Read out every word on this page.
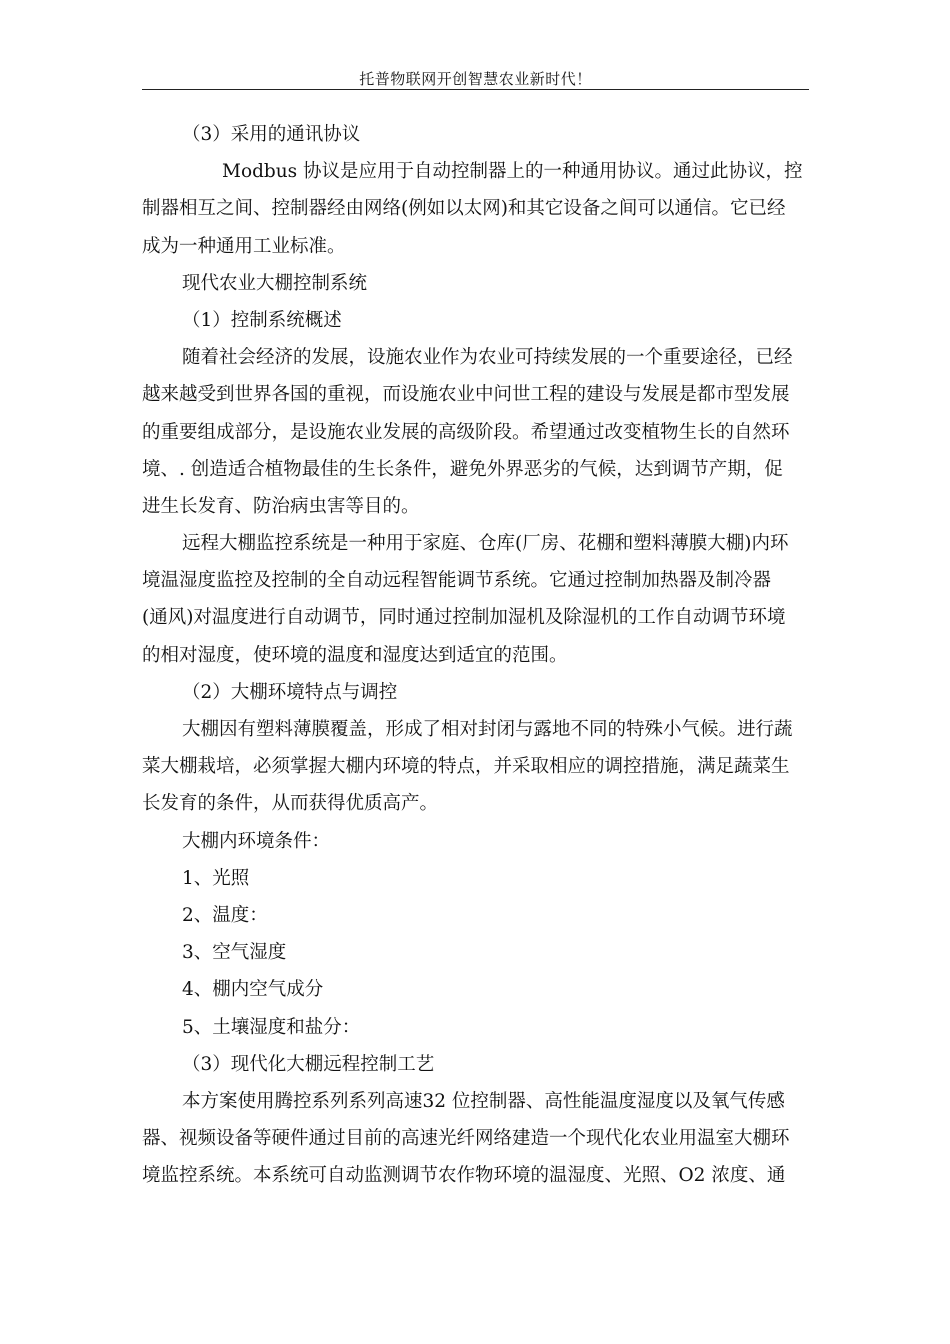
托普物联网开创智慧农业新时代！
（3）采用的通讯协议
Modbus 协议是应用于自动控制器上的一种通用协议。通过此协议，控
制器相互之间、控制器经由网络(例如以太网)和其它设备之间可以通信。它已经
成为一种通用工业标准。
现代农业大棚控制系统
（1）控制系统概述
随着社会经济的发展，设施农业作为农业可持续发展的一个重要途径，已经
越来越受到世界各国的重视，而设施农业中问世工程的建设与发展是都市型发展
的重要组成部分，是设施农业发展的高级阶段。希望通过改变植物生长的自然环
境、. 创造适合植物最佳的生长条件，避免外界恶劣的气候，达到调节产期，促
进生长发育、防治病虫害等目的。
远程大棚监控系统是一种用于家庭、仓库(厂房、花棚和塑料薄膜大棚)内环
境温湿度监控及控制的全自动远程智能调节系统。它通过控制加热器及制冷器
(通风)对温度进行自动调节，同时通过控制加湿机及除湿机的工作自动调节环境
的相对湿度，使环境的温度和湿度达到适宜的范围。
（2）大棚环境特点与调控
大棚因有塑料薄膜覆盖，形成了相对封闭与露地不同的特殊小气候。进行蔬
菜大棚栽培，必须掌握大棚内环境的特点，并采取相应的调控措施，满足蔬菜生
长发育的条件，从而获得优质高产。
大棚内环境条件：
1、光照
2、温度：
3、空气湿度
4、棚内空气成分
5、土壤湿度和盐分：
（3）现代化大棚远程控制工艺
本方案使用腾控系列系列高速32 位控制器、高性能温度湿度以及氧气传感
器、视频设备等硬件通过目前的高速光纤网络建造一个现代化农业用温室大棚环
境监控系统。本系统可自动监测调节农作物环境的温湿度、光照、O2 浓度、通
